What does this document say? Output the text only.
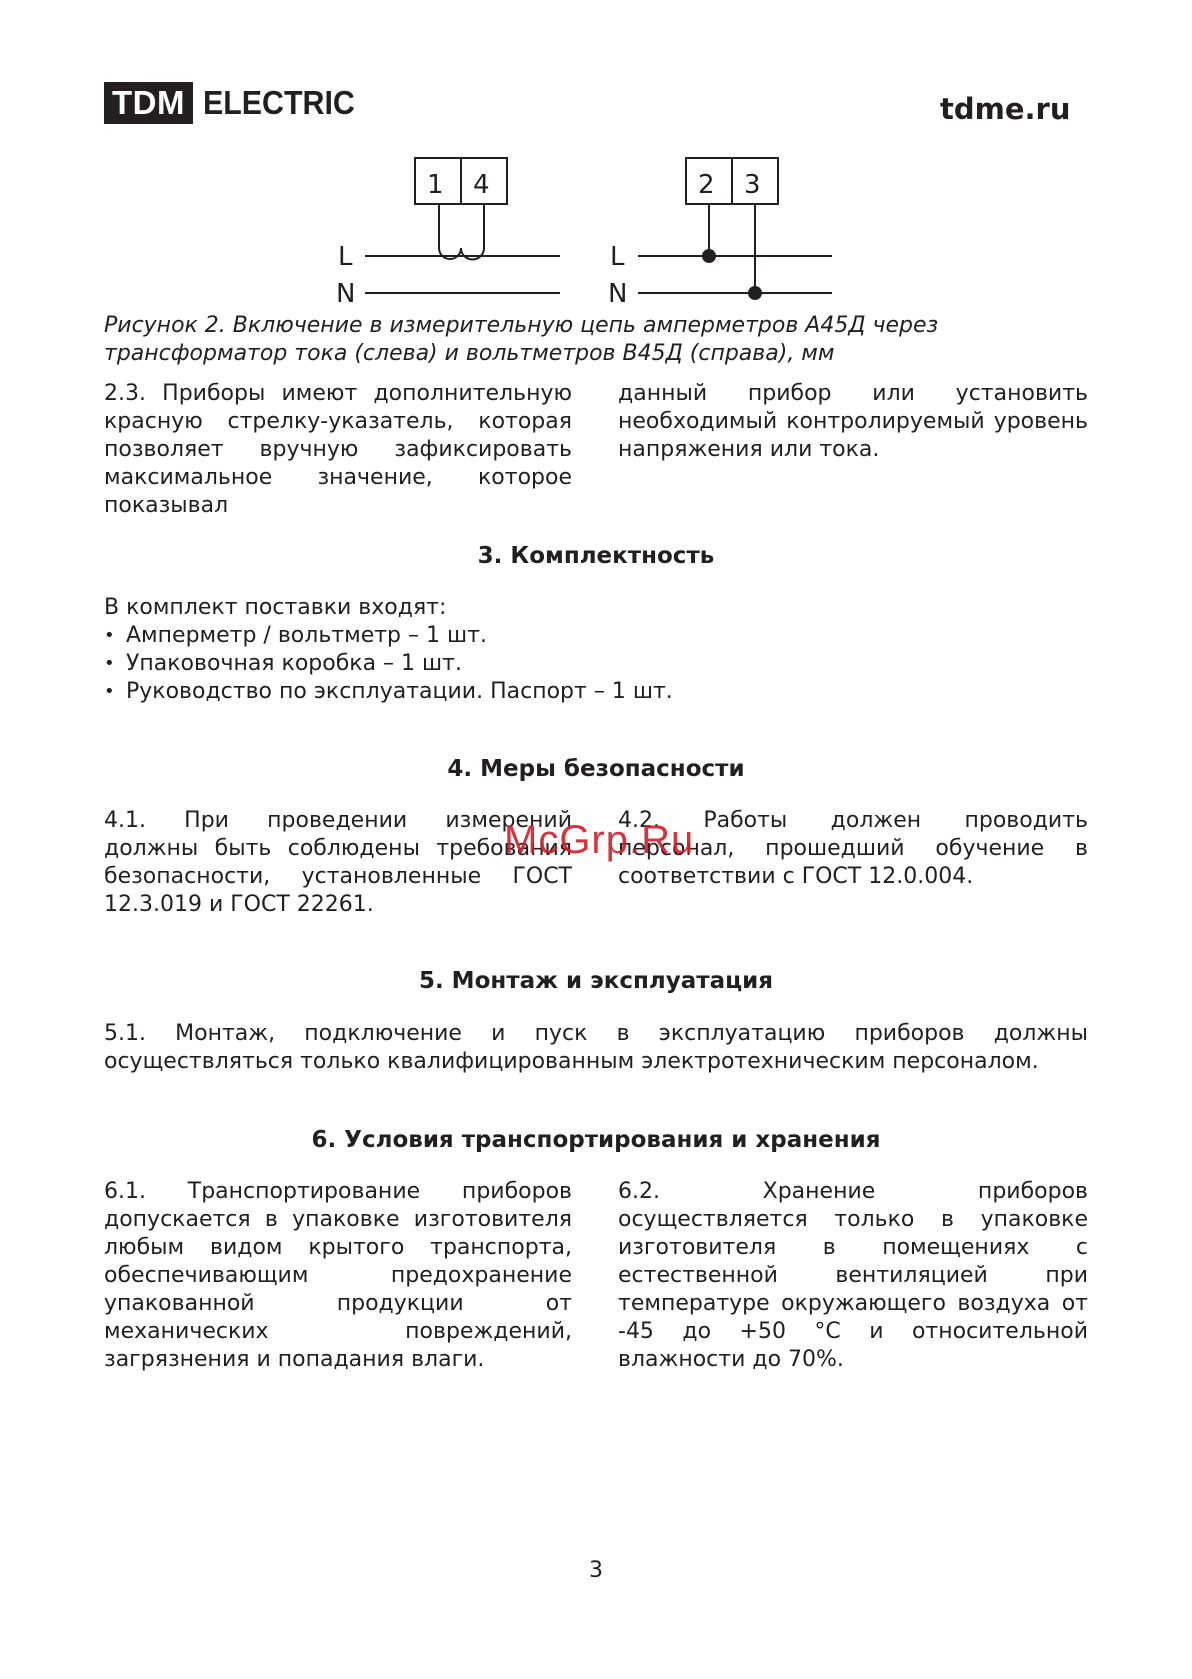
TDM ELECTRIC	tdme.ru
1 4
L
N
2 3
L
N
Рисунок 2. Включение в измерительную цепь амперметров А45Д через трансформатор тока (слева) и вольтметров В45Д (справа), мм

2.3. Приборы имеют дополнительную красную стрелку-указатель, которая позволяет вручную зафиксировать максимальное значение, которое показывал

данный прибор или установить необходимый контролируемый уровень напряжения или тока.

3. Комплектность
В комплект поставки входят:
• Амперметр / вольтметр – 1 шт.
• Упаковочная коробка – 1 шт.
• Руководство по эксплуатации. Паспорт – 1 шт.
4. Меры безопасности

4.1. При проведении измерений должны быть соблюдены требования безопасности, установленные ГОСТ 12.3.019 и ГОСТ 22261.

4.2. Работы должен проводить персонал, прошедший обучение в соответствии с ГОСТ 12.0.004.

5. Монтаж и эксплуатация
5.1. Монтаж, подключение и пуск в эксплуатацию приборов должны осуществляться только квалифицированным электротехническим персоналом.
6. Условия транспортирования и хранения

6.1. Транспортирование приборов допускается в упаковке изготовителя любым видом крытого транспорта, обеспечивающим предохранение упакованной продукции от механических повреждений, загрязнения и попадания влаги.

6.2. Хранение приборов осуществляется только в упаковке изготовителя в помещениях с естественной вентиляцией при температуре окружающего воздуха от -45 до +50 °C и относительной влажности до 70%.

McGrp.Ru
3
